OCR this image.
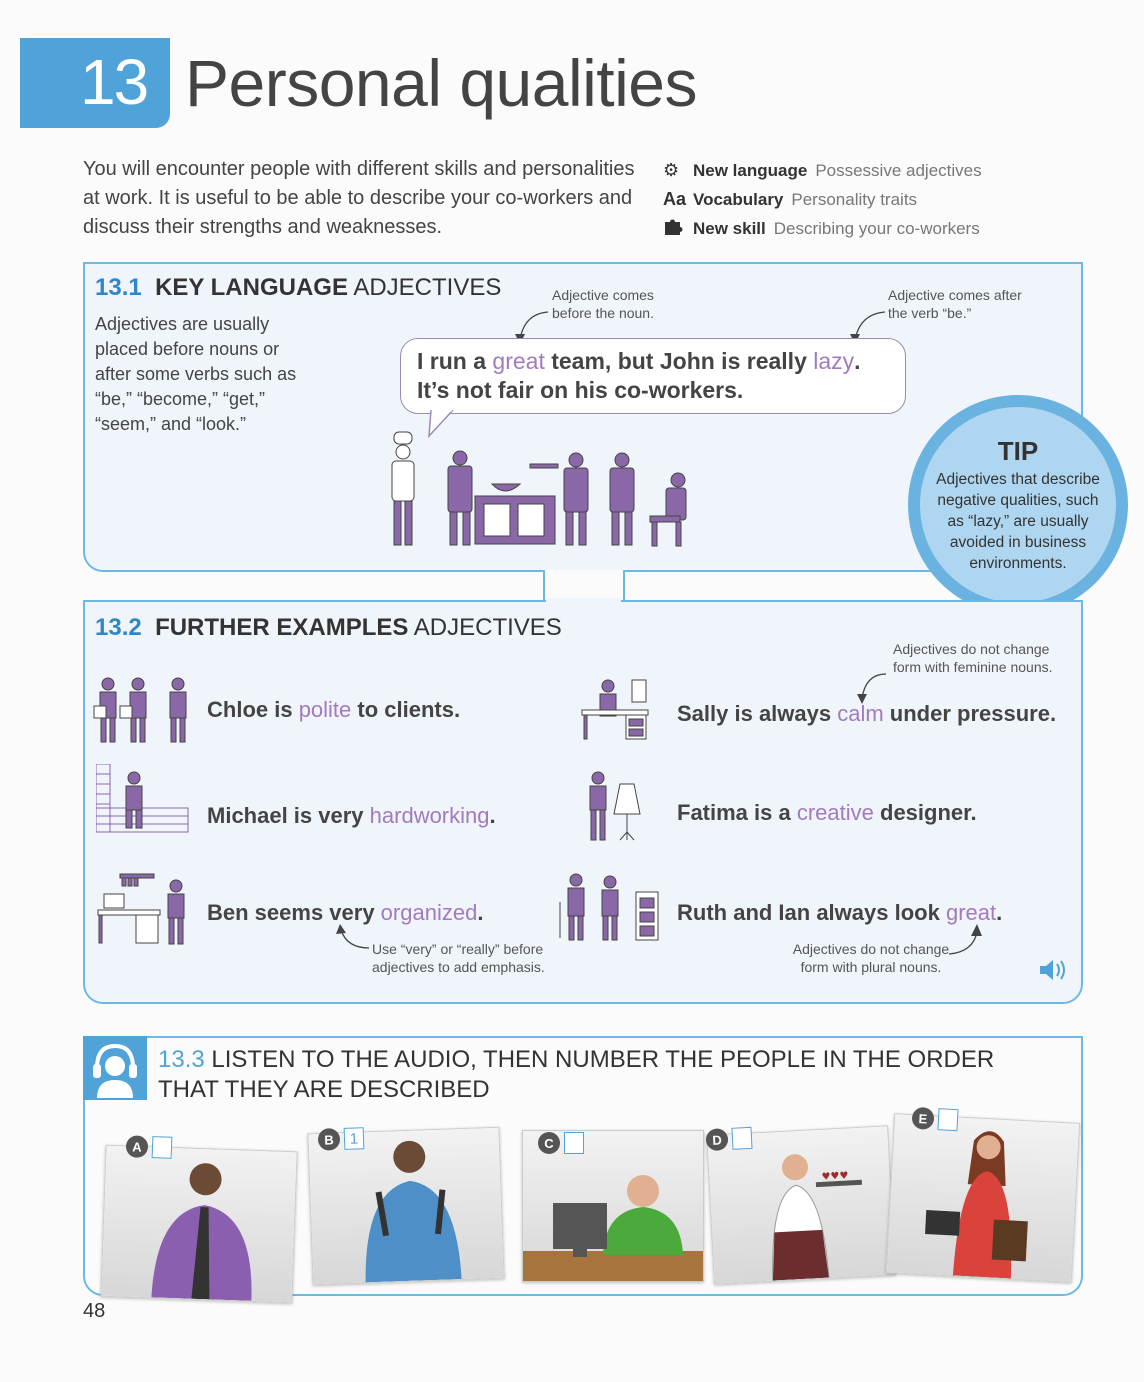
13 Personal qualities
You will encounter people with different skills and personalities at work. It is useful to be able to describe your co-workers and discuss their strengths and weaknesses.
⚙ New language Possessive adjectives
Aa Vocabulary Personality traits
New skill Describing your co-workers
13.1 KEY LANGUAGE ADJECTIVES
Adjectives are usually placed before nouns or after some verbs such as “be,” “become,” “get,” “seem,” and “look.”
Adjective comes before the noun.
Adjective comes after the verb “be.”
I run a great team, but John is really lazy.
It’s not fair on his co-workers.
TIP
Adjectives that describe negative qualities, such as “lazy,” are usually avoided in business environments.
13.2 FURTHER EXAMPLES ADJECTIVES
Adjectives do not change form with feminine nouns.
Chloe is polite to clients.	Sally is always calm under pressure.
Michael is very hardworking.	Fatima is a creative designer.
Ben seems very organized.	Ruth and Ian always look great.
Use “very” or “really” before adjectives to add emphasis.
Adjectives do not change form with plural nouns.
13.3 LISTEN TO THE AUDIO, THEN NUMBER THE PEOPLE IN THE ORDER THAT THEY ARE DESCRIBED
A	B	1	C
♥♥♥
D
E
48
